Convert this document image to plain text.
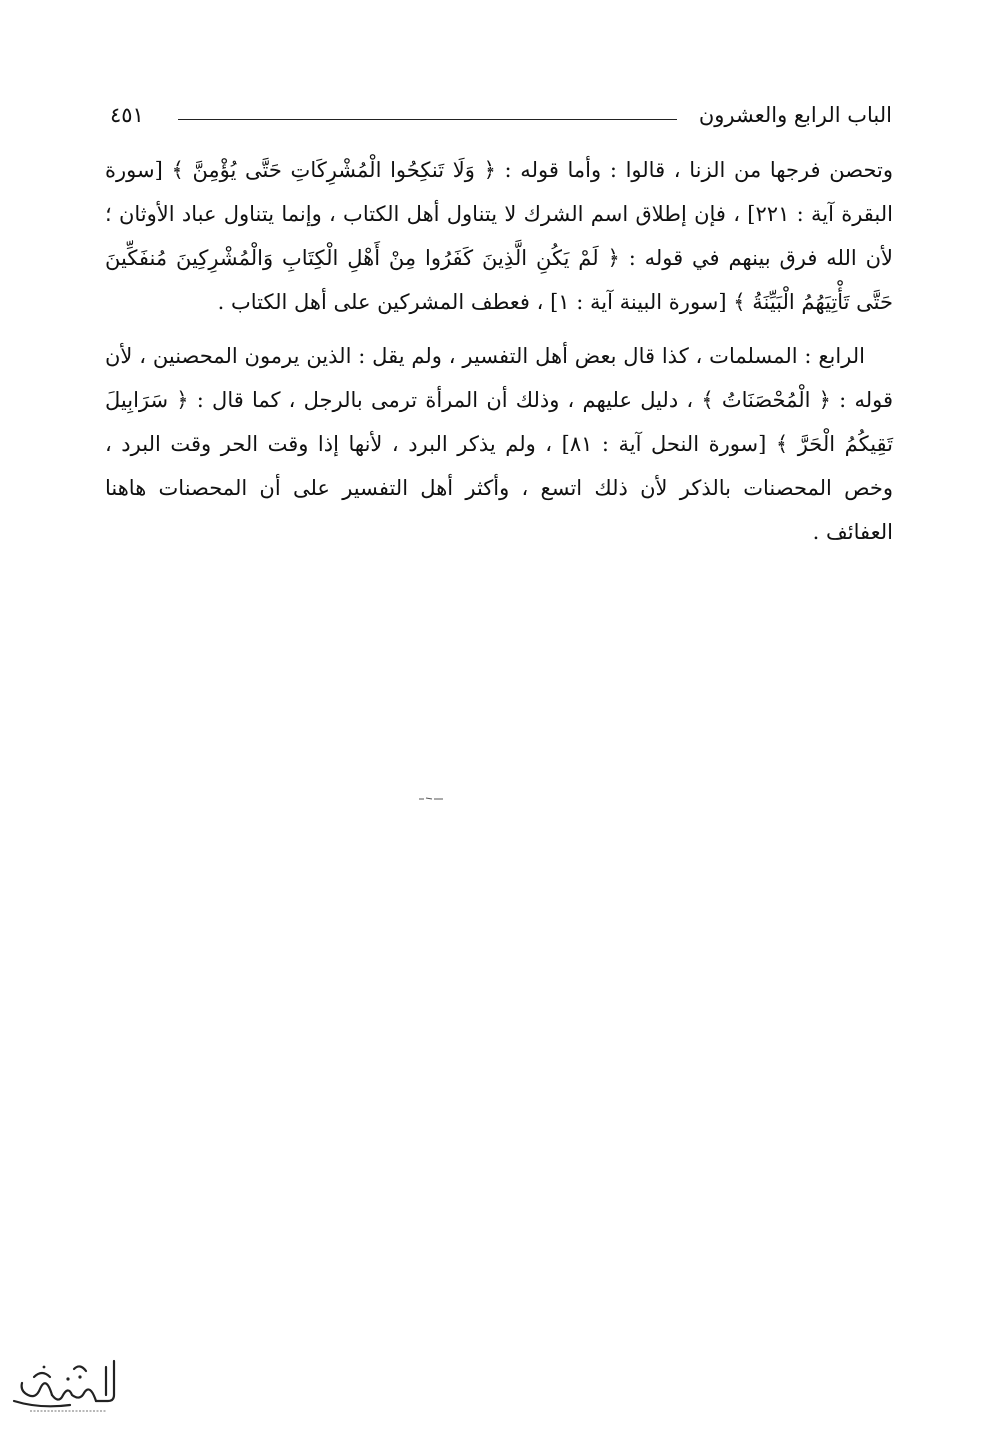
الباب الرابع والعشرون
٤٥١

وتحصن فرجها من الزنا ، قالوا : وأما قوله : ﴿ وَلَا تَنكِحُوا الْمُشْرِكَاتِ حَتَّى يُؤْمِنَّ ﴾ [سورة البقرة آية : ٢٢١] ، فإن إطلاق اسم الشرك لا يتناول أهل الكتاب ، وإنما يتناول عباد الأوثان ؛ لأن الله فرق بينهم في قوله : ﴿ لَمْ يَكُنِ الَّذِينَ كَفَرُوا مِنْ أَهْلِ الْكِتَابِ وَالْمُشْرِكِينَ مُنفَكِّينَ حَتَّى تَأْتِيَهُمُ الْبَيِّنَةُ ﴾ [سورة البينة آية : ١] ، فعطف المشركين على أهل الكتاب .

الرابع : المسلمات ، كذا قال بعض أهل التفسير ، ولم يقل : الذين يرمون المحصنين ، لأن قوله : ﴿ الْمُحْصَنَاتُ ﴾ ، دليل عليهم ، وذلك أن المرأة ترمى بالرجل ، كما قال : ﴿ سَرَابِيلَ تَقِيكُمُ الْحَرَّ ﴾ [سورة النحل آية : ٨١] ، ولم يذكر البرد ، لأنها إذا وقت الحر وقت البرد ، وخص المحصنات بالذكر لأن ذلك اتسع ، وأكثر أهل التفسير على أن المحصنات هاهنا العفائف .
